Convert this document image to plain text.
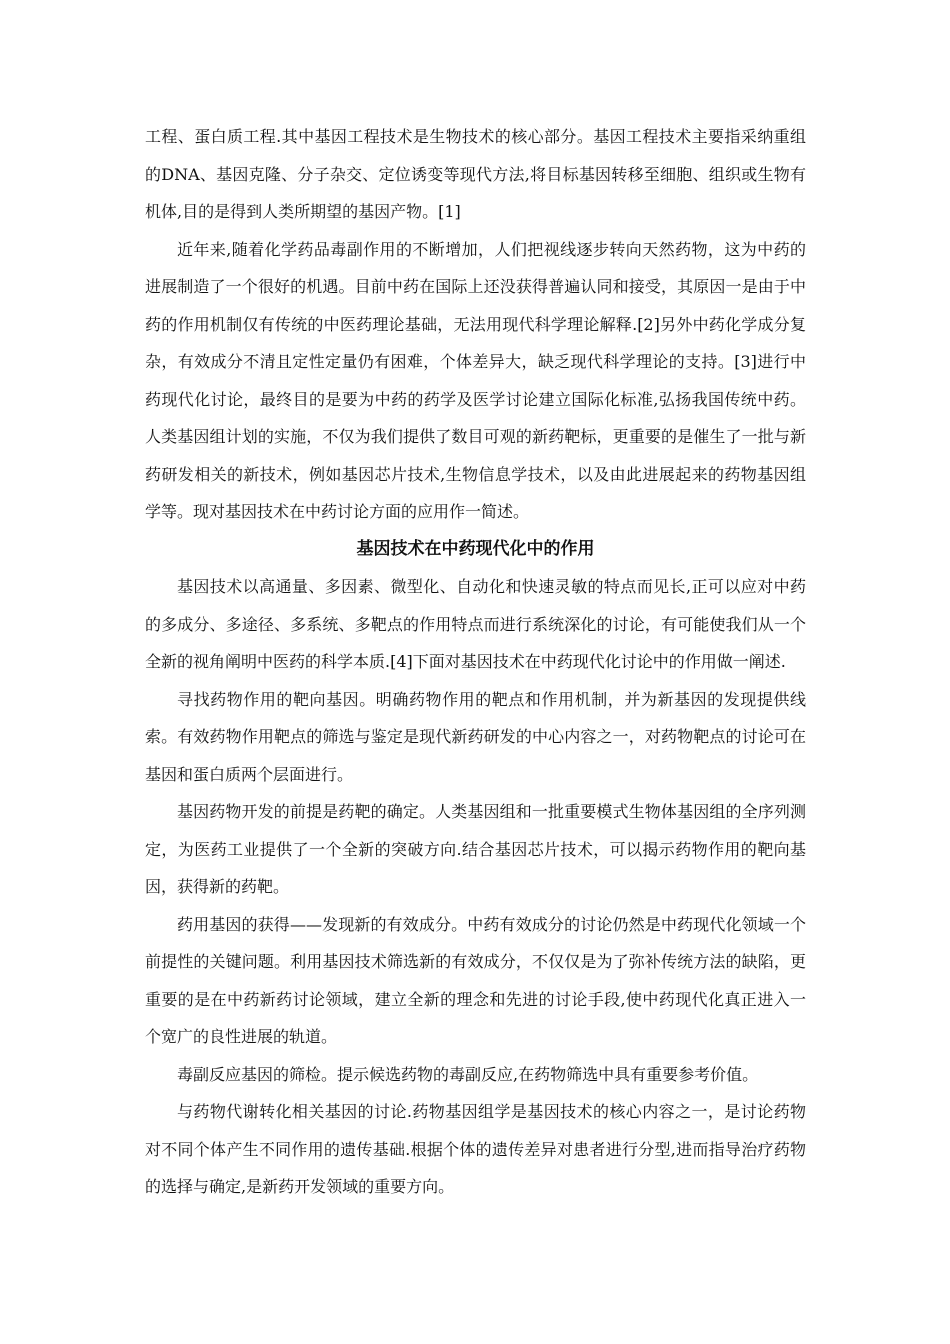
工程、蛋白质工程.其中基因工程技术是生物技术的核心部分。基因工程技术主要指采纳重组的DNA、基因克隆、分子杂交、定位诱变等现代方法,将目标基因转移至细胞、组织或生物有机体,目的是得到人类所期望的基因产物。[1]

近年来,随着化学药品毒副作用的不断增加，人们把视线逐步转向天然药物，这为中药的进展制造了一个很好的机遇。目前中药在国际上还没获得普遍认同和接受，其原因一是由于中药的作用机制仅有传统的中医药理论基础，无法用现代科学理论解释.[2]另外中药化学成分复杂，有效成分不清且定性定量仍有困难，个体差异大，缺乏现代科学理论的支持。[3]进行中药现代化讨论，最终目的是要为中药的药学及医学讨论建立国际化标准,弘扬我国传统中药。人类基因组计划的实施，不仅为我们提供了数目可观的新药靶标，更重要的是催生了一批与新药研发相关的新技术，例如基因芯片技术,生物信息学技术，以及由此进展起来的药物基因组学等。现对基因技术在中药讨论方面的应用作一简述。

基因技术在中药现代化中的作用

基因技术以高通量、多因素、微型化、自动化和快速灵敏的特点而见长,正可以应对中药的多成分、多途径、多系统、多靶点的作用特点而进行系统深化的讨论，有可能使我们从一个全新的视角阐明中医药的科学本质.[4]下面对基因技术在中药现代化讨论中的作用做一阐述.

寻找药物作用的靶向基因。明确药物作用的靶点和作用机制，并为新基因的发现提供线索。有效药物作用靶点的筛选与鉴定是现代新药研发的中心内容之一，对药物靶点的讨论可在基因和蛋白质两个层面进行。

基因药物开发的前提是药靶的确定。人类基因组和一批重要模式生物体基因组的全序列测定，为医药工业提供了一个全新的突破方向.结合基因芯片技术，可以揭示药物作用的靶向基因，获得新的药靶。

药用基因的获得——发现新的有效成分。中药有效成分的讨论仍然是中药现代化领域一个前提性的关键问题。利用基因技术筛选新的有效成分，不仅仅是为了弥补传统方法的缺陷，更重要的是在中药新药讨论领域，建立全新的理念和先进的讨论手段,使中药现代化真正进入一个宽广的良性进展的轨道。

毒副反应基因的筛检。提示候选药物的毒副反应,在药物筛选中具有重要参考价值。

与药物代谢转化相关基因的讨论.药物基因组学是基因技术的核心内容之一，是讨论药物对不同个体产生不同作用的遗传基础.根据个体的遗传差异对患者进行分型,进而指导治疗药物的选择与确定,是新药开发领域的重要方向。
